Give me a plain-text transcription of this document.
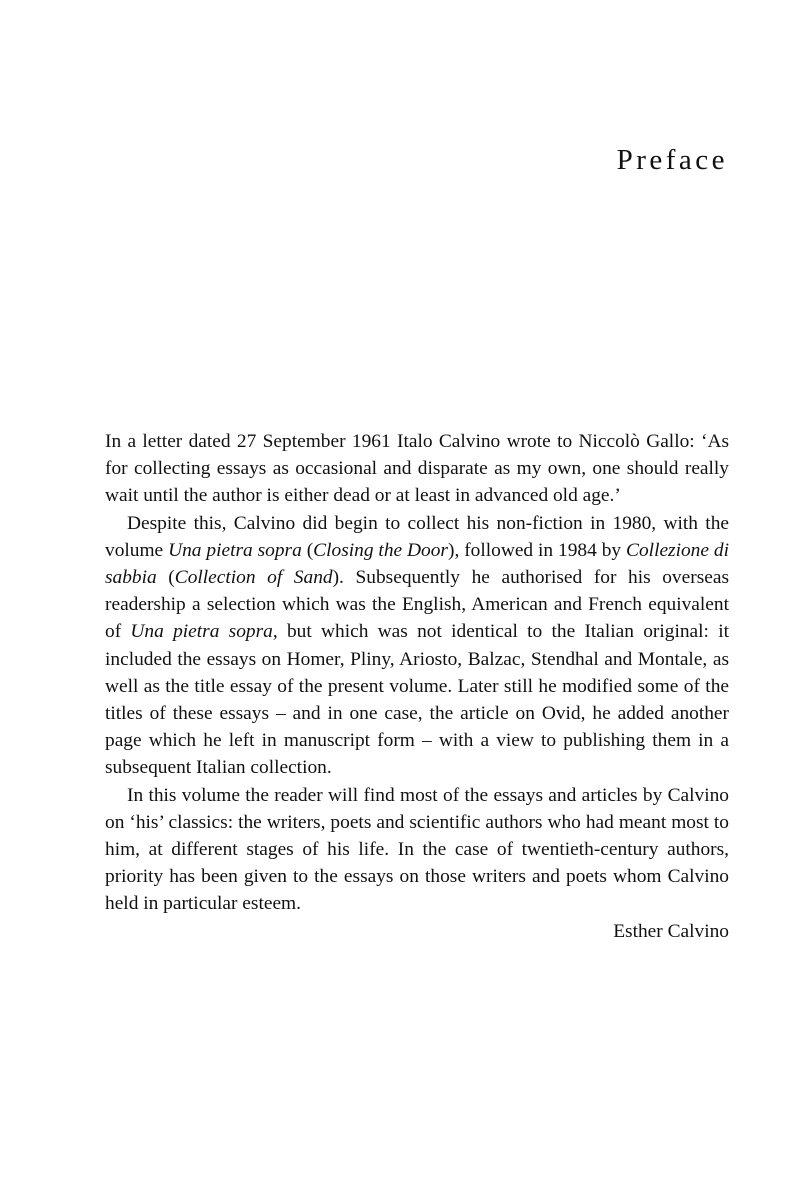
Preface

In a letter dated 27 September 1961 Italo Calvino wrote to Niccolò Gallo: ‘As for collecting essays as occasional and disparate as my own, one should really wait until the author is either dead or at least in advanced old age.’

Despite this, Calvino did begin to collect his non-fiction in 1980, with the volume Una pietra sopra (Closing the Door), followed in 1984 by Collezione di sabbia (Collection of Sand). Subsequently he authorised for his overseas readership a selection which was the English, American and French equivalent of Una pietra sopra, but which was not identical to the Italian original: it included the essays on Homer, Pliny, Ariosto, Balzac, Stendhal and Montale, as well as the title essay of the present volume. Later still he modified some of the titles of these essays – and in one case, the article on Ovid, he added another page which he left in manuscript form – with a view to publishing them in a subsequent Italian collection.

In this volume the reader will find most of the essays and articles by Calvino on ‘his’ classics: the writers, poets and scientific authors who had meant most to him, at different stages of his life. In the case of twentieth-century authors, priority has been given to the essays on those writers and poets whom Calvino held in particular esteem.

Esther Calvino
